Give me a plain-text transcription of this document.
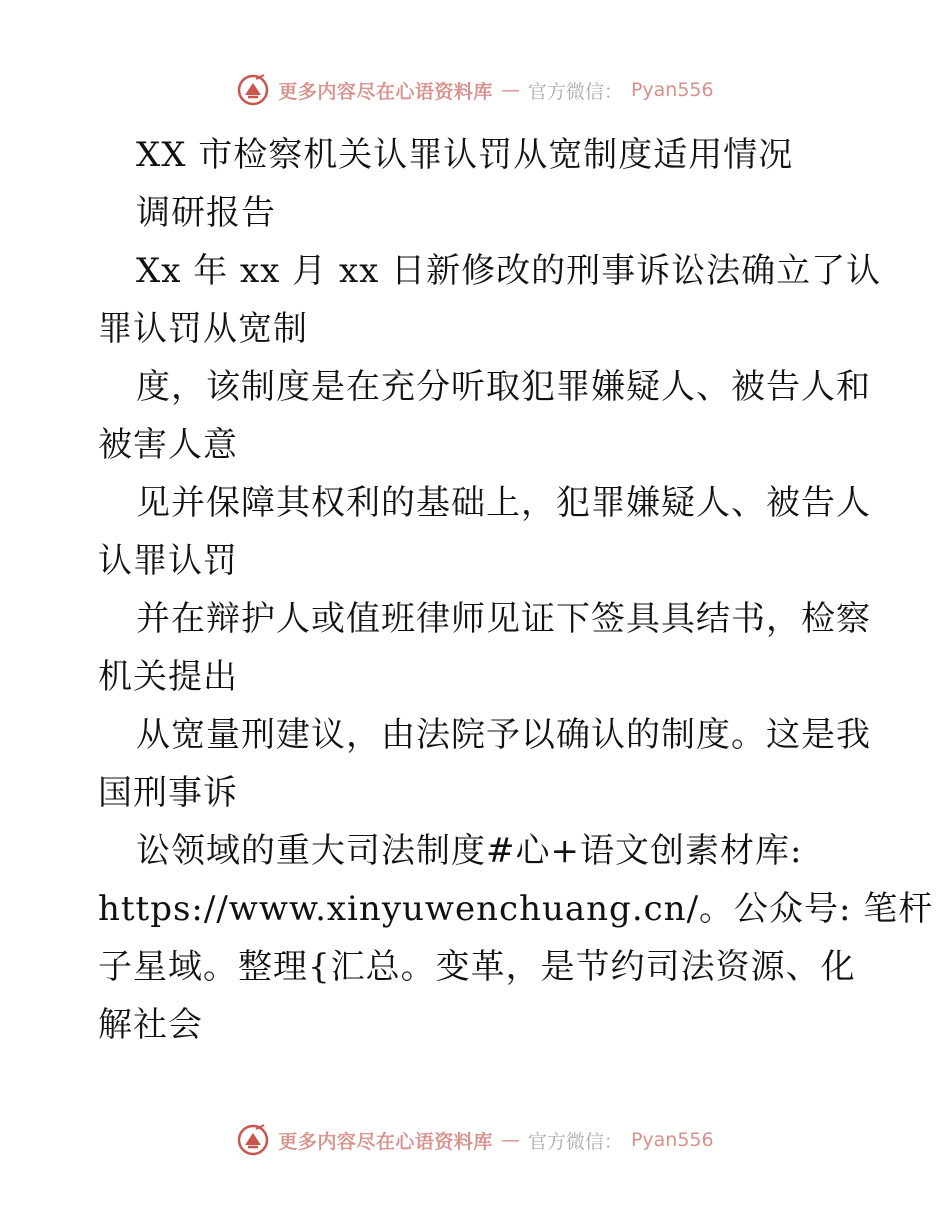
更多内容尽在心语资料库 — 官方微信： Pyan556
XX 市检察机关认罪认罚从宽制度适用情况
调研报告
Xx 年 xx 月 xx 日新修改的刑事诉讼法确立了认
罪认罚从宽制
度，该制度是在充分听取犯罪嫌疑人、被告人和
被害人意
见并保障其权利的基础上，犯罪嫌疑人、被告人
认罪认罚
并在辩护人或值班律师见证下签具具结书，检察
机关提出
从宽量刑建议，由法院予以确认的制度。这是我
国刑事诉
讼领域的重大司法制度#心+语文创素材库:
https://www.xinyuwenchuang.cn/。公众号: 笔杆
子星域。整理{汇总。变革，是节约司法资源、化
解社会
更多内容尽在心语资料库 — 官方微信： Pyan556
